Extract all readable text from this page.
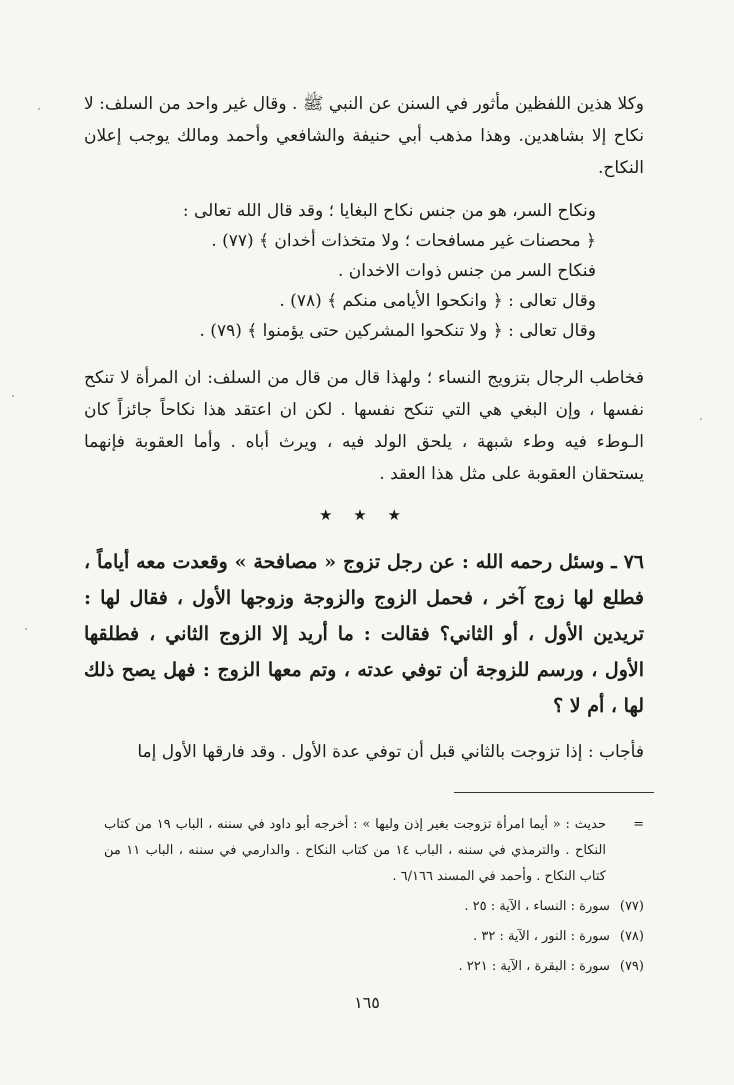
وكلا هذين اللفظين مأثور في السنن عن النبي ﷺ . وقال غير واحد من السلف: لا نكاح إلا بشاهدين. وهذا مذهب أبي حنيفة والشافعي وأحمد ومالك يوجب إعلان النكاح.

ونكاح السر، هو من جنس نكاح البغايا ؛ وقد قال الله تعالى :
﴿ محصنات غير مسافحات ؛ ولا متخذات أخدان ﴾ (٧٧) .
فنكاح السر من جنس ذوات الاخدان .
وقال تعالى : ﴿ وانكحوا الأيامى منكم ﴾ (٧٨) .
وقال تعالى : ﴿ ولا تنكحوا المشركين حتى يؤمنوا ﴾ (٧٩) .

فخاطب الرجال بتزويج النساء ؛ ولهذا قال من قال من السلف: ان المرأة لا تنكح نفسها ، وإن البغي هي التي تنكح نفسها . لكن ان اعتقد هذا نكاحاً جائزاً كان الـوطء فيه وطء شبهة ، يلحق الولد فيه ، ويرث أباه . وأما العقوبة فإنهما يستحقان العقوبة على مثل هذا العقد .

★ ★ ★

٧٦ ـ وسئل رحمه الله : عن رجل تزوج « مصافحة » وقعدت معه أياماً ، فطلع لها زوج آخر ، فحمل الزوج والزوجة وزوجها الأول ، فقال لها : تريدين الأول ، أو الثاني؟ فقالت : ما أريد إلا الزوج الثاني ، فطلقها الأول ، ورسم للزوجة أن توفي عدته ، وتم معها الزوج : فهل يصح ذلك لها ، أم لا ؟

فأجاب : إذا تزوجت بالثاني قبل أن توفي عدة الأول . وقد فارقها الأول إما

=
حديث : « أيما امرأة تزوجت بغير إذن وليها » : أخرجه أبو داود في سننه ، الباب ١٩ من كتاب النكاح . والترمذي في سننه ، الباب ١٤ من كتاب النكاح . والدارمي في سننه ، الباب ١١ من كتاب النكاح . وأحمد في المسند ٦/١٦٦ .

(٧٧)سورة : النساء ، الآية : ٢٥ .

(٧٨)سورة : النور ، الآية : ٣٢ .

(٧٩)سورة : البقرة ، الآية : ٢٢١ .

١٦٥
